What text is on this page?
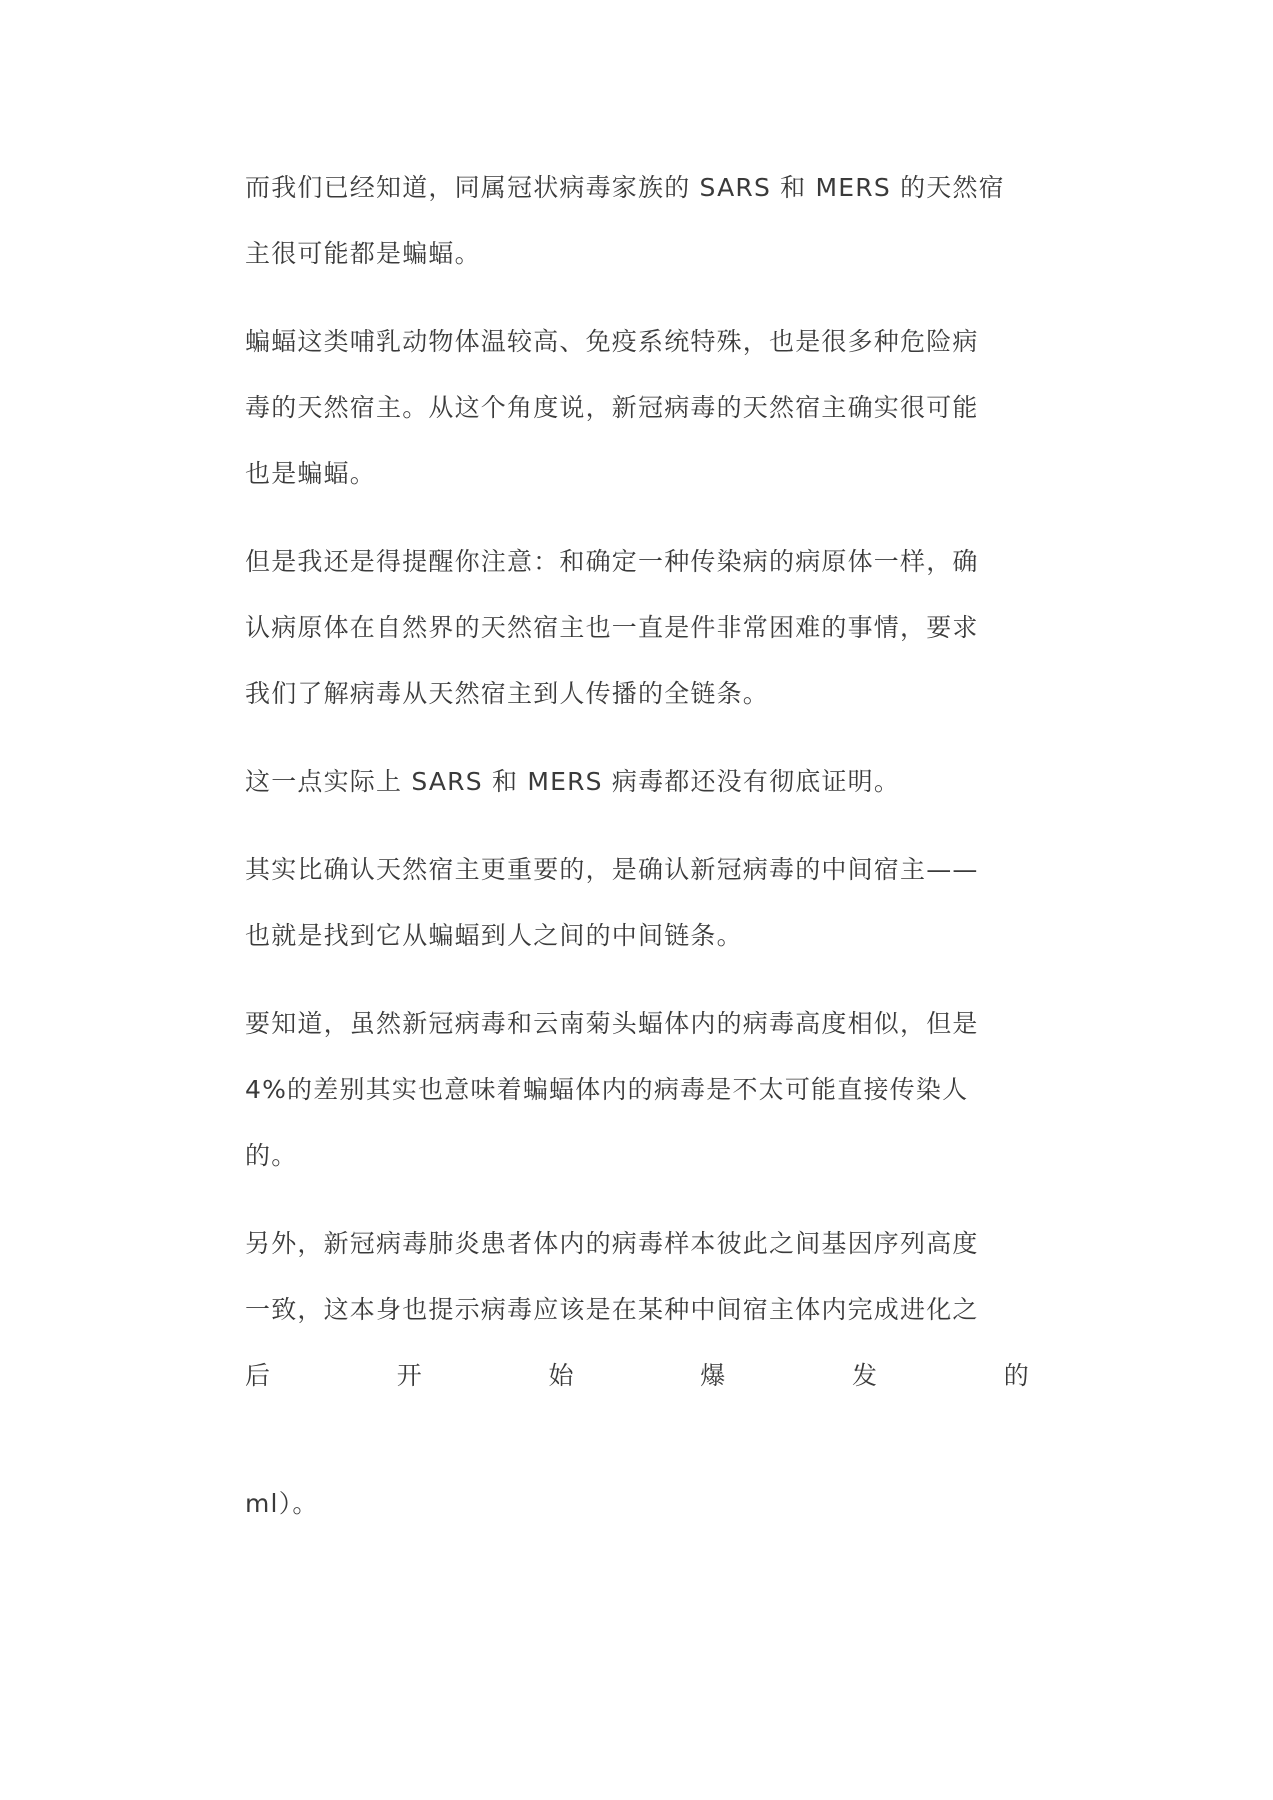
而我们已经知道，同属冠状病毒家族的 SARS 和 MERS 的天然宿
主很可能都是蝙蝠。

蝙蝠这类哺乳动物体温较高、免疫系统特殊，也是很多种危险病
毒的天然宿主。从这个角度说，新冠病毒的天然宿主确实很可能
也是蝙蝠。

但是我还是得提醒你注意：和确定一种传染病的病原体一样，确
认病原体在自然界的天然宿主也一直是件非常困难的事情，要求
我们了解病毒从天然宿主到人传播的全链条。

这一点实际上 SARS 和 MERS 病毒都还没有彻底证明。

其实比确认天然宿主更重要的，是确认新冠病毒的中间宿主——
也就是找到它从蝙蝠到人之间的中间链条。

要知道，虽然新冠病毒和云南菊头蝠体内的病毒高度相似，但是
4%的差别其实也意味着蝙蝠体内的病毒是不太可能直接传染人
的。

另外，新冠病毒肺炎患者体内的病毒样本彼此之间基因序列高度
一致，这本身也提示病毒应该是在某种中间宿主体内完成进化之
后	开	始	爆	发	的
ml）。
